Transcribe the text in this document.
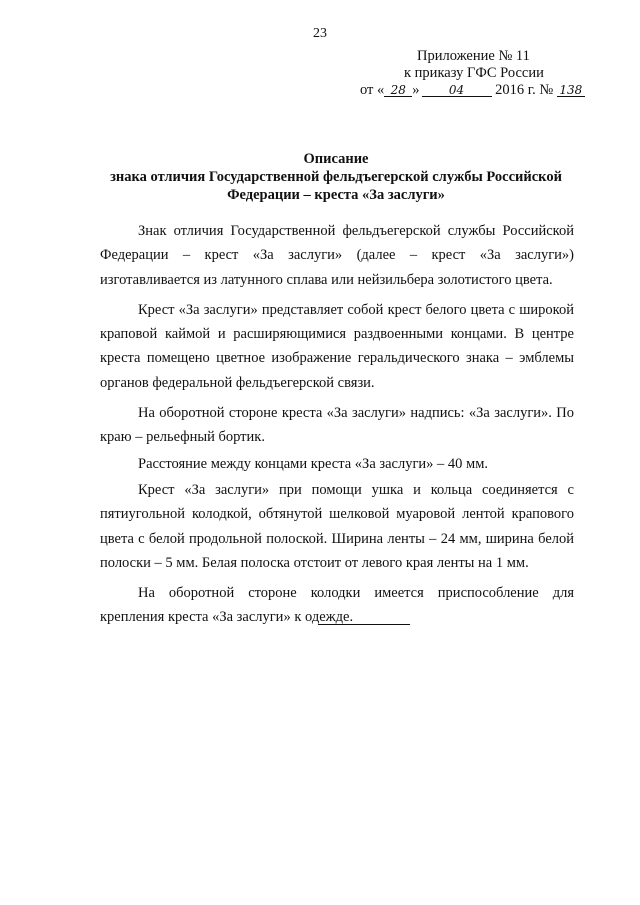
23
Приложение № 11
к приказу ГФС России
от « 28 » 04 2016 г. № 138
Описание
знака отличия Государственной фельдъегерской службы Российской
Федерации – креста «За заслуги»

Знак отличия Государственной фельдъегерской службы Российской Федерации – крест «За заслуги» (далее – крест «За заслуги») изготавливается из латунного сплава или нейзильбера золотистого цвета.

Крест «За заслуги» представляет собой крест белого цвета с широкой краповой каймой и расширяющимися раздвоенными концами. В центре креста помещено цветное изображение геральдического знака – эмблемы органов федеральной фельдъегерской связи.

На оборотной стороне креста «За заслуги» надпись: «За заслуги». По краю – рельефный бортик.

Расстояние между концами креста «За заслуги» – 40 мм.

Крест «За заслуги» при помощи ушка и кольца соединяется с пятиугольной колодкой, обтянутой шелковой муаровой лентой крапового цвета с белой продольной полоской. Ширина ленты – 24 мм, ширина белой полоски – 5 мм. Белая полоска отстоит от левого края ленты на 1 мм.

На оборотной стороне колодки имеется приспособление для крепления креста «За заслуги» к одежде.
